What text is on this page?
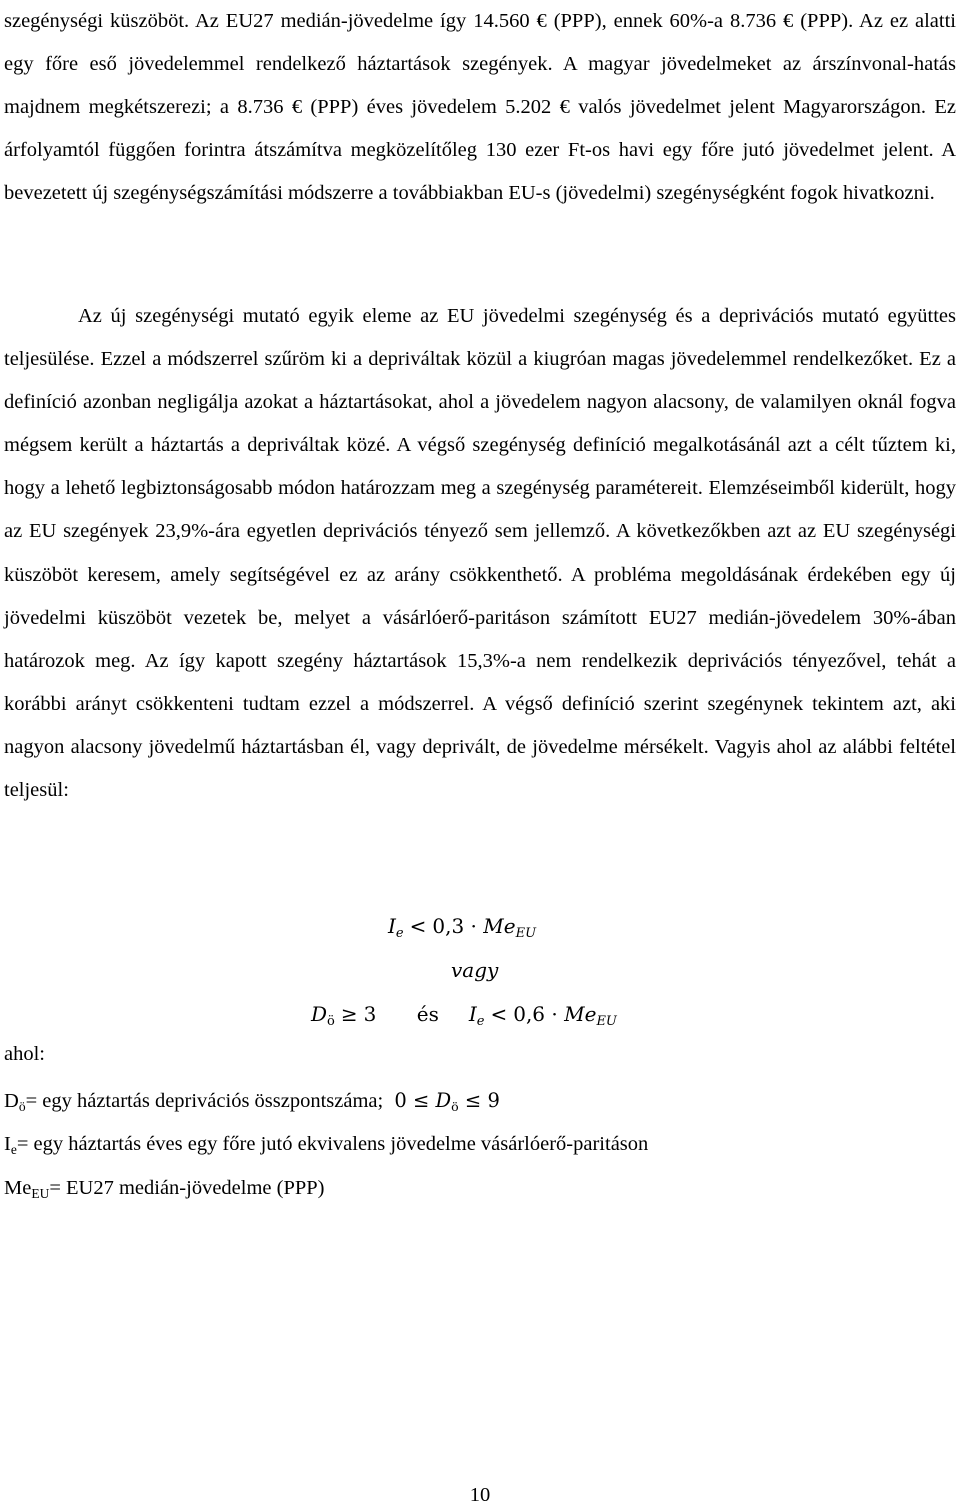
szegénységi küszöböt. Az EU27 medián-jövedelme így 14.560 € (PPP), ennek 60%-a 8.736 € (PPP). Az ez alatti egy főre eső jövedelemmel rendelkező háztartások szegények. A magyar jövedelmeket az árszínvonal-hatás majdnem megkétszerezi; a 8.736 € (PPP) éves jövedelem 5.202 € valós jövedelmet jelent Magyarországon. Ez árfolyamtól függően forintra átszámítva megközelítőleg 130 ezer Ft-os havi egy főre jutó jövedelmet jelent. A bevezetett új szegénységszámítási módszerre a továbbiakban EU-s (jövedelmi) szegénységként fogok hivatkozni.

Az új szegénységi mutató egyik eleme az EU jövedelmi szegénység és a deprivációs mutató együttes teljesülése. Ezzel a módszerrel szűröm ki a depriváltak közül a kiugróan magas jövedelemmel rendelkezőket. Ez a definíció azonban negligálja azokat a háztartásokat, ahol a jövedelem nagyon alacsony, de valamilyen oknál fogva mégsem került a háztartás a depriváltak közé. A végső szegénység definíció megalkotásánál azt a célt tűztem ki, hogy a lehető legbiztonságosabb módon határozzam meg a szegénység paramétereit. Elemzéseimből kiderült, hogy az EU szegények 23,9%-ára egyetlen deprivációs tényező sem jellemző. A következőkben azt az EU szegénységi küszöböt keresem, amely segítségével ez az arány csökkenthető. A probléma megoldásának érdekében egy új jövedelmi küszöböt vezetek be, melyet a vásárlóerő-paritáson számított EU27 medián-jövedelem 30%-ában határozok meg. Az így kapott szegény háztartások 15,3%-a nem rendelkezik deprivációs tényezővel, tehát a korábbi arányt csökkenteni tudtam ezzel a módszerrel. A végső definíció szerint szegénynek tekintem azt, aki nagyon alacsony jövedelmű háztartásban él, vagy deprivált, de jövedelme mérsékelt. Vagyis ahol az alábbi feltétel teljesül:

$I_e < 0,3 \cdot Me_{EU}$
vagy
$D_ö \ge 3$ és $I_e < 0,6 \cdot Me_{EU}$
ahol:
$D_ö=$ egy háztartás deprivációs összpontszáma; $0 \le D_ö \le 9$
$I_e=$ egy háztartás éves egy főre jutó ekvivalens jövedelme vásárlóerő-paritáson
$Me_{EU}= EU27$ medián-jövedelme (PPP)
10
